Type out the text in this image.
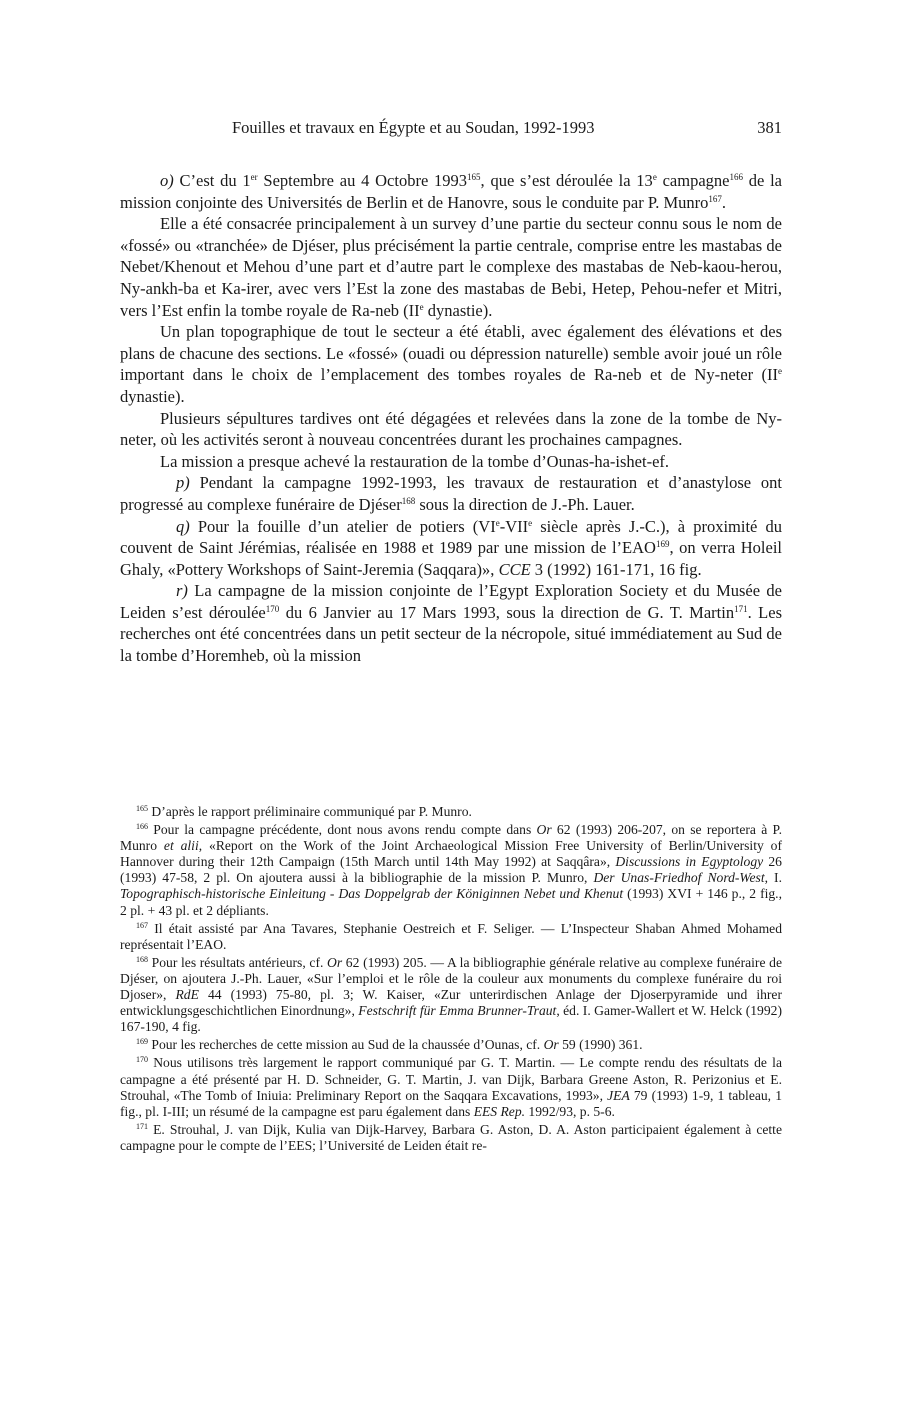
Fouilles et travaux en Égypte et au Soudan, 1992-1993	381

o) C’est du 1er Septembre au 4 Octobre 1993$^{165}$, que s’est déroulée la 13e campagne$^{166}$ de la mission conjointe des Universités de Berlin et de Hanovre, sous le conduite par P. Munro$^{167}$.

Elle a été consacrée principalement à un survey d’une partie du secteur connu sous le nom de «fossé» ou «tranchée» de Djéser, plus précisément la partie centrale, comprise entre les mastabas de Nebet/Khenout et Mehou d’une part et d’autre part le complexe des mastabas de Neb-kaou-herou, Ny-ankh-ba et Ka-irer, avec vers l’Est la zone des mastabas de Bebi, Hetep, Pehou-nefer et Mitri, vers l’Est enfin la tombe royale de Ra-neb (IIe dynastie).

Un plan topographique de tout le secteur a été établi, avec également des élévations et des plans de chacune des sections. Le «fossé» (ouadi ou dépression naturelle) semble avoir joué un rôle important dans le choix de l’emplacement des tombes royales de Ra-neb et de Ny-neter (IIe dynastie).

Plusieurs sépultures tardives ont été dégagées et relevées dans la zone de la tombe de Ny-neter, où les activités seront à nouveau concentrées durant les prochaines campagnes.

La mission a presque achevé la restauration de la tombe d’Ounas-ha-ishet-ef.

p) Pendant la campagne 1992-1993, les travaux de restauration et d’anastylose ont progressé au complexe funéraire de Djéser$^{168}$ sous la direction de J.-Ph. Lauer.

q) Pour la fouille d’un atelier de potiers (VIe-VIIe siècle après J.-C.), à proximité du couvent de Saint Jérémias, réalisée en 1988 et 1989 par une mission de l’EAO$^{169}$, on verra Holeil Ghaly, «Pottery Workshops of Saint-Jeremia (Saqqara)», CCE 3 (1992) 161-171, 16 fig.

r) La campagne de la mission conjointe de l’Egypt Exploration Society et du Musée de Leiden s’est déroulée$^{170}$ du 6 Janvier au 17 Mars 1993, sous la direction de G. T. Martin$^{171}$. Les recherches ont été concentrées dans un petit secteur de la nécropole, situé immédiatement au Sud de la tombe d’Horemheb, où la mission

$^{165}$ D’après le rapport préliminaire communiqué par P. Munro.

$^{166}$ Pour la campagne précédente, dont nous avons rendu compte dans Or 62 (1993) 206-207, on se reportera à P. Munro et alii, «Report on the Work of the Joint Archaeological Mission Free University of Berlin/University of Hannover during their 12th Campaign (15th March until 14th May 1992) at Saqqâra», Discussions in Egyptology 26 (1993) 47-58, 2 pl. On ajoutera aussi à la bibliographie de la mission P. Munro, Der Unas-Friedhof Nord-West, I. Topographisch-historische Einleitung - Das Doppelgrab der Königinnen Nebet und Khenut (1993) XVI + 146 p., 2 fig., 2 pl. + 43 pl. et 2 dépliants.

$^{167}$ Il était assisté par Ana Tavares, Stephanie Oestreich et F. Seliger. — L’Inspecteur Shaban Ahmed Mohamed représentait l’EAO.

$^{168}$ Pour les résultats antérieurs, cf. Or 62 (1993) 205. — A la bibliographie générale relative au complexe funéraire de Djéser, on ajoutera J.-Ph. Lauer, «Sur l’emploi et le rôle de la couleur aux monuments du complexe funéraire du roi Djoser», RdE 44 (1993) 75-80, pl. 3; W. Kaiser, «Zur unterirdischen Anlage der Djoserpyramide und ihrer entwicklungsgeschichtlichen Einordnung», Festschrift für Emma Brunner-Traut, éd. I. Gamer-Wallert et W. Helck (1992) 167-190, 4 fig.

$^{169}$ Pour les recherches de cette mission au Sud de la chaussée d’Ounas, cf. Or 59 (1990) 361.

$^{170}$ Nous utilisons très largement le rapport communiqué par G. T. Martin. — Le compte rendu des résultats de la campagne a été présenté par H. D. Schneider, G. T. Martin, J. van Dijk, Barbara Greene Aston, R. Perizonius et E. Strouhal, «The Tomb of Iniuia: Preliminary Report on the Saqqara Excavations, 1993», JEA 79 (1993) 1-9, 1 tableau, 1 fig., pl. I-III; un résumé de la campagne est paru également dans EES Rep. 1992/93, p. 5-6.

$^{171}$ E. Strouhal, J. van Dijk, Kulia van Dijk-Harvey, Barbara G. Aston, D. A. Aston participaient également à cette campagne pour le compte de l’EES; l’Université de Leiden était re-
